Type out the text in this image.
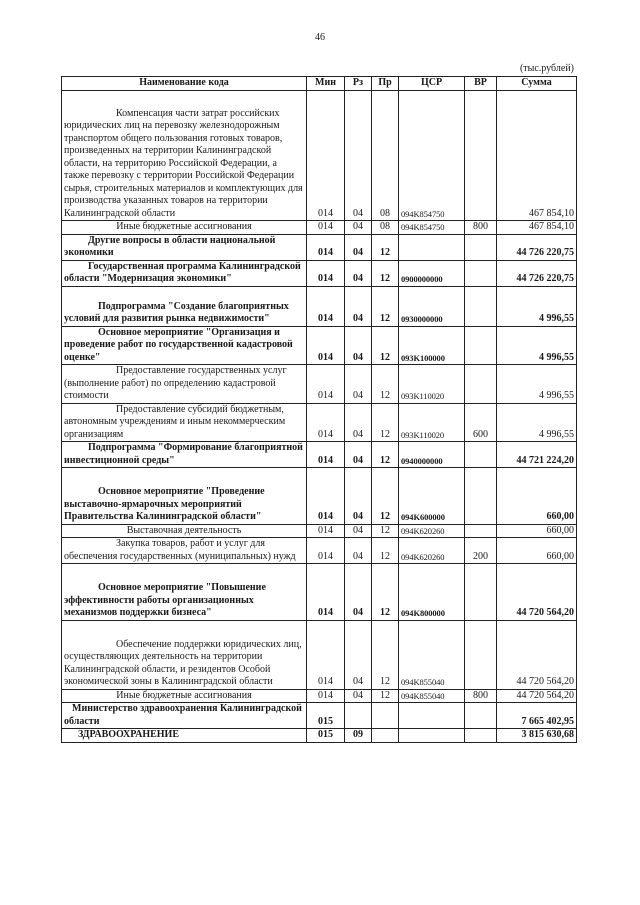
46
(тыс.рублей)
Наименование кода	Мин	Рз	Пр	ЦСР	ВР	Сумма

Компенсация части затрат российских юридических лиц на перевозку железнодорожным транспортом общего пользования готовых товаров, произведенных на территории Калининградской области, на территорию Российской Федерации, а также перевозку с территории Российской Федерации сырья, строительных материалов и комплектующих для производства указанных товаров на территории Калининградской области	014	04	08	094K854750		467 854,10

Иные бюджетные ассигнования	014	04	08	094K854750	800	467 854,10

Другие вопросы в области национальной экономики	014	04	12			44 726 220,75

Государственная программа Калининградской области "Модернизация экономики"	014	04	12	0900000000		44 726 220,75

Подпрограмма "Создание благоприятных условий для развития рынка недвижимости"	014	04	12	0930000000		4 996,55

Основное мероприятие "Организация и проведение работ по государственной кадастровой оценке"	014	04	12	093K100000		4 996,55

Предоставление государственных услуг (выполнение работ) по определению кадастровой стоимости	014	04	12	093K110020		4 996,55

Предоставление субсидий бюджетным, автономным учреждениям и иным некоммерческим организациям	014	04	12	093K110020	600	4 996,55

Подпрограмма "Формирование благоприятной инвестиционной среды"	014	04	12	0940000000		44 721 224,20

Основное мероприятие "Проведение выставочно-ярмарочных мероприятий Правительства Калининградской области"	014	04	12	094K600000		660,00

Выставочная деятельность	014	04	12	094K620260		660,00

Закупка товаров, работ и услуг для обеспечения государственных (муниципальных) нужд	014	04	12	094K620260	200	660,00

Основное мероприятие "Повышение эффективности работы организационных механизмов поддержки бизнеса"	014	04	12	094K800000		44 720 564,20

Обеспечение поддержки юридических лиц, осуществляющих деятельность на территории Калининградской области, и резидентов Особой экономической зоны в Калининградской области	014	04	12	094K855040		44 720 564,20

Иные бюджетные ассигнования	014	04	12	094K855040	800	44 720 564,20

Министерство здравоохранения Калининградской области	015					7 665 402,95

ЗДРАВООХРАНЕНИЕ	015	09				3 815 630,68
